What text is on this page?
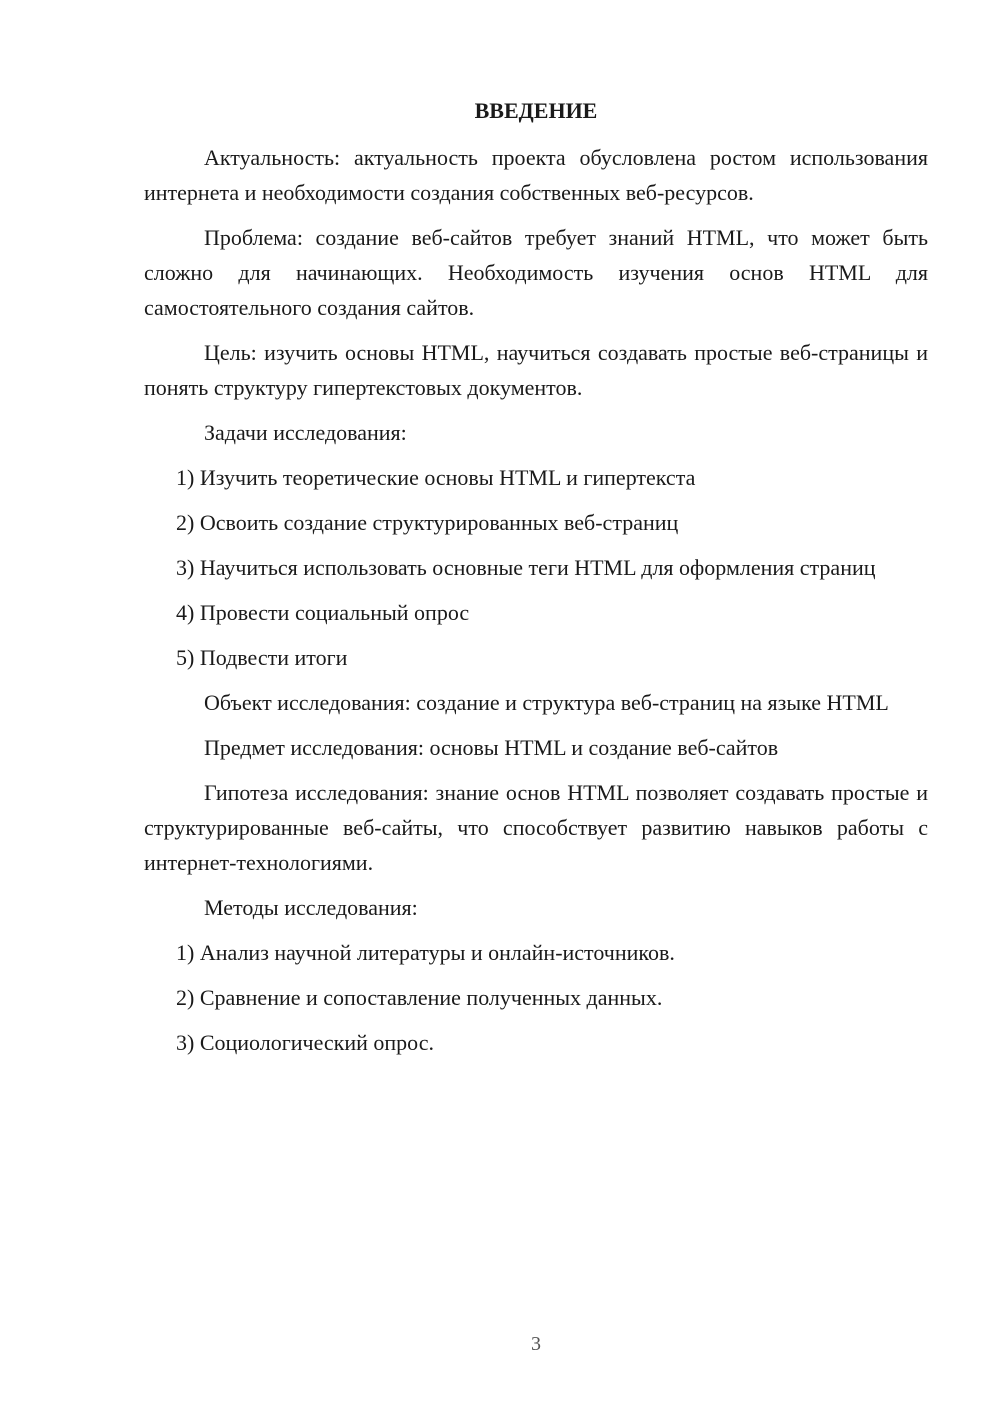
ВВЕДЕНИЕ

Актуальность: актуальность проекта обусловлена ростом использования интернета и необходимости создания собственных веб-ресурсов.

Проблема: создание веб-сайтов требует знаний HTML, что может быть сложно для начинающих. Необходимость изучения основ HTML для самостоятельного создания сайтов.

Цель: изучить основы HTML, научиться создавать простые веб-страницы и понять структуру гипертекстовых документов.

Задачи исследования:

1) Изучить теоретические основы HTML и гипертекста

2) Освоить создание структурированных веб-страниц

3) Научиться использовать основные теги HTML для оформления страниц

4) Провести социальный опрос

5) Подвести итоги

Объект исследования: создание и структура веб-страниц на языке HTML

Предмет исследования: основы HTML и создание веб-сайтов

Гипотеза исследования: знание основ HTML позволяет создавать простые и структурированные веб-сайты, что способствует развитию навыков работы с интернет-технологиями.

Методы исследования:

1) Анализ научной литературы и онлайн-источников.

2) Сравнение и сопоставление полученных данных.

3) Социологический опрос.

3
